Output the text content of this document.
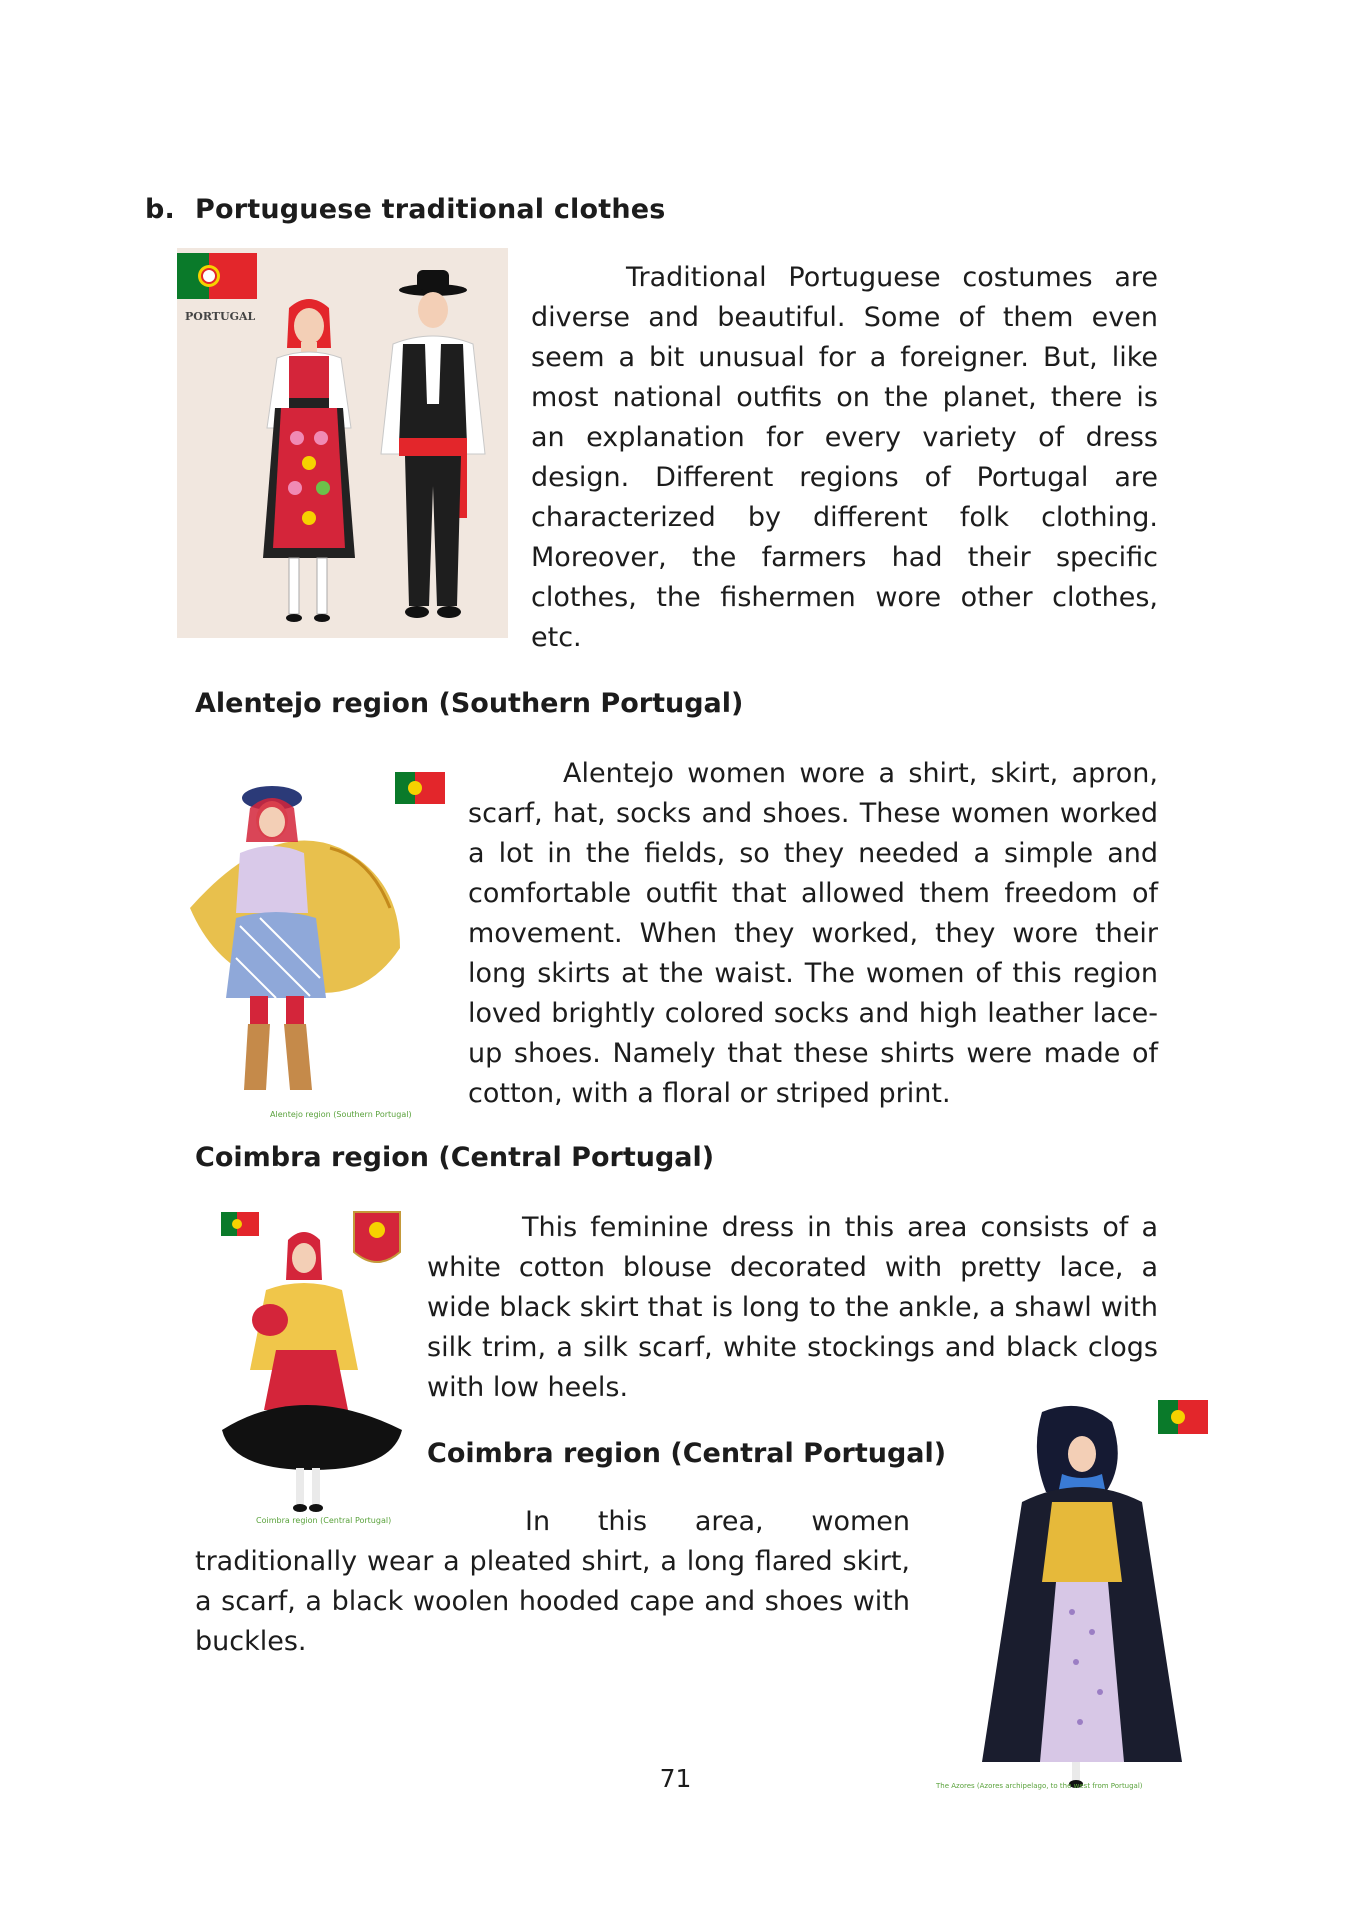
b. Portuguese traditional clothes
PORTUGAL
Traditional Portuguese costumes are diverse and beautiful. Some of them even seem a bit unusual for a foreigner. But, like most national outfits on the planet, there is an explanation for every variety of dress design. Different regions of Portugal are characterized by different folk clothing. Moreover, the farmers had their specific clothes, the fishermen wore other clothes, etc.
Alentejo region (Southern Portugal)
Alentejo region (Southern Portugal)
Alentejo women wore a shirt, skirt, apron, scarf, hat, socks and shoes. These women worked a lot in the fields, so they needed a simple and comfortable outfit that allowed them freedom of movement. When they worked, they wore their long skirts at the waist. The women of this region loved brightly colored socks and high leather lace-up shoes. Namely that these shirts were made of cotton, with a floral or striped print.
Coimbra region (Central Portugal)
Coimbra region (Central Portugal)
This feminine dress in this area consists of a white cotton blouse decorated with pretty lace, a wide black skirt that is long to the ankle, a shawl with silk trim, a silk scarf, white stockings and black clogs with low heels.
Coimbra region (Central Portugal)
In this area, women traditionally wear a pleated shirt, a long flared skirt, a scarf, a black woolen hooded cape and shoes with buckles.
The Azores (Azores archipelago, to the west from Portugal)
71
